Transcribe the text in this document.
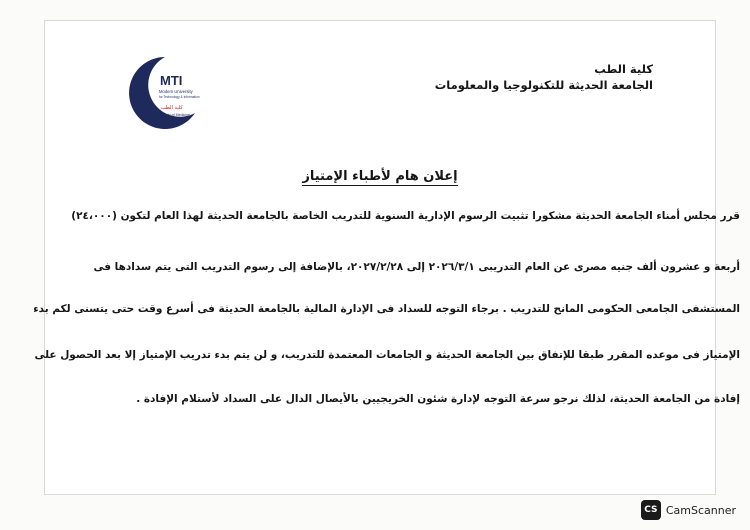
MTI
Modern University
for Technology & Information
كلية الطب
Faculty of Medicine
كلية الطب
الجامعة الحديثة للتكنولوجيا والمعلومات
إعلان هام لأطباء الإمتياز
قرر مجلس أمناء الجامعة الحديثة مشكورا تثبيت الرسوم الإدارية السنوية للتدريب الخاصة بالجامعة الحديثة لهذا العام لتكون (٢٤،٠٠٠)
أربعة و عشرون ألف جنيه مصرى عن العام التدريبى ٢٠٢٦/٣/١ إلى ٢٠٢٧/٢/٢٨، بالإضافة إلى رسوم التدريب التى يتم سدادها فى
المستشفى الجامعى الحكومى المانح للتدريب . برجاء التوجه للسداد فى الإدارة المالية بالجامعة الحديثة فى أسرع وقت حتى يتسنى لكم بدء
الإمتياز فى موعده المقرر طبقا للإتفاق بين الجامعة الحديثة و الجامعات المعتمدة للتدريب، و لن يتم بدء تدريب الإمتياز إلا بعد الحصول على
إفادة من الجامعة الحديثة، لذلك نرجو سرعة التوجه لإدارة شئون الخريجيين بالأيصال الدال على السداد لأستلام الإفادة .
CS CamScanner
